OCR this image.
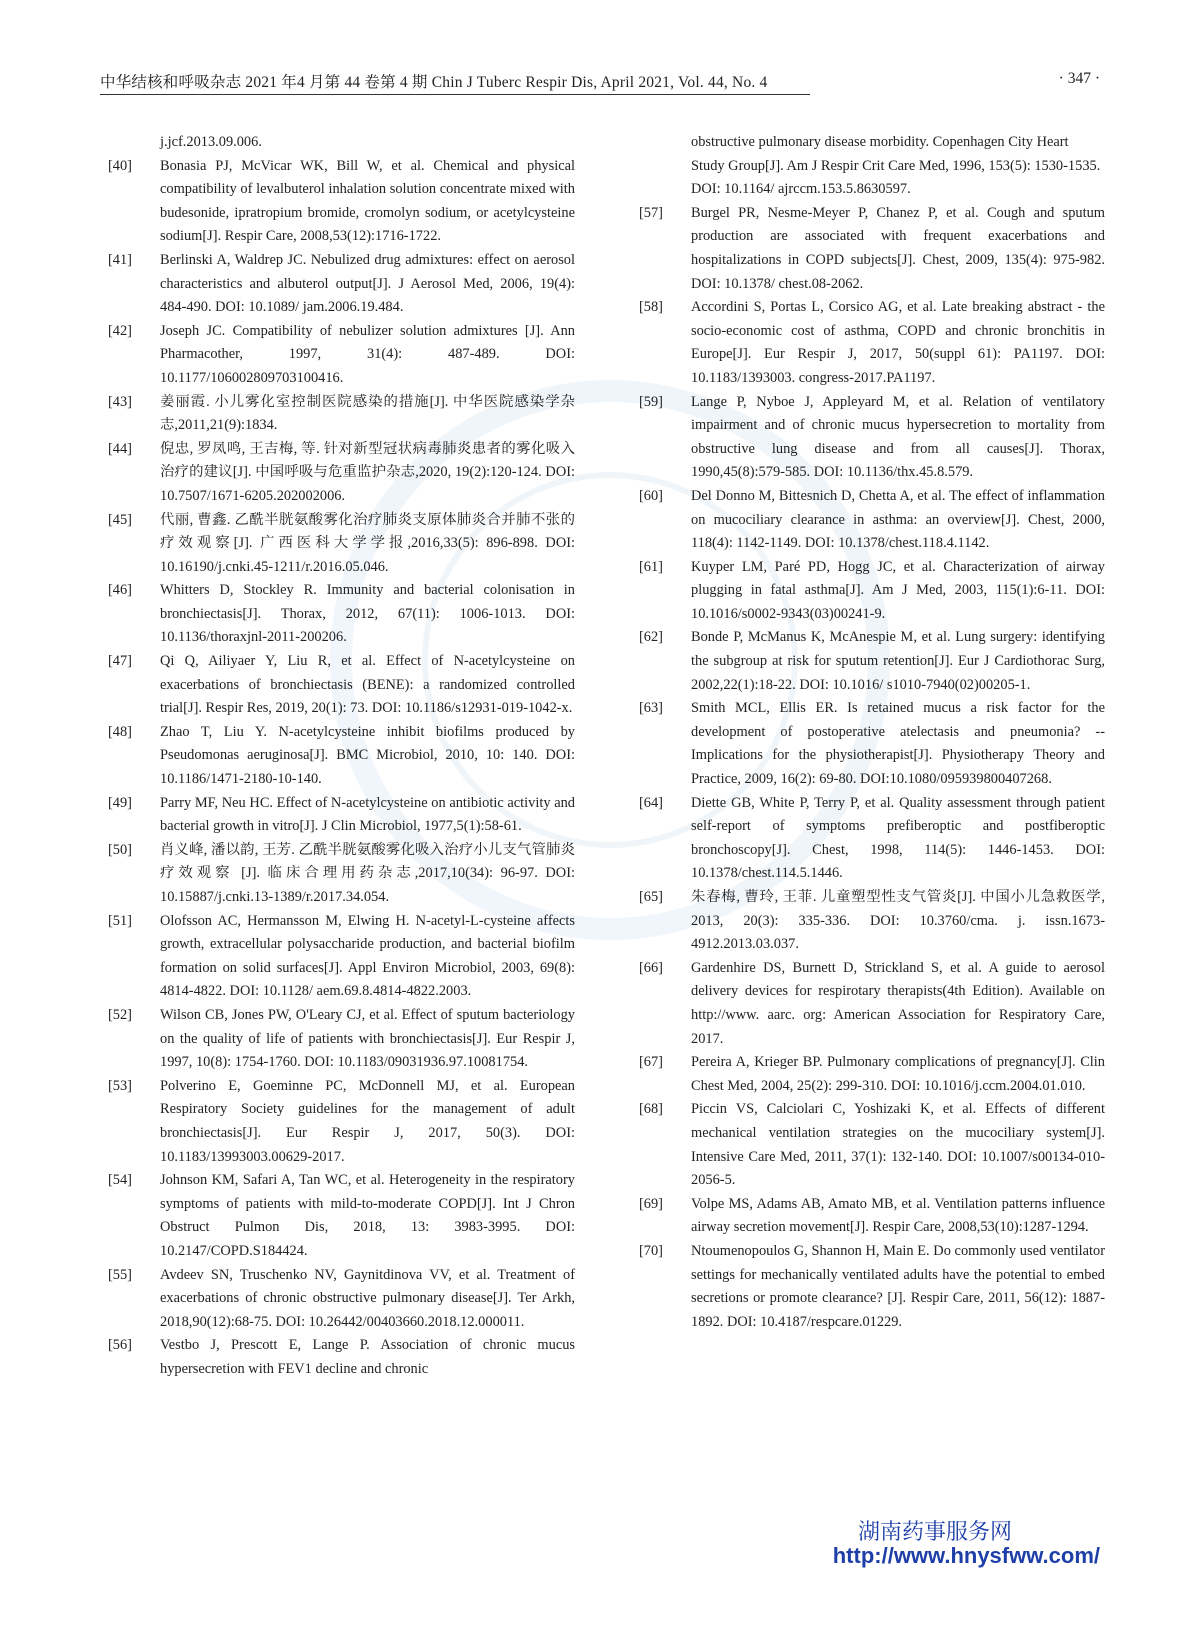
中华结核和呼吸杂志 2021 年4 月第 44 卷第 4 期 Chin J Tuberc Respir Dis, April 2021, Vol. 44, No. 4	· 347 ·
j.jcf.2013.09.006.
[40] Bonasia PJ, McVicar WK, Bill W, et al. Chemical and physical compatibility of levalbuterol inhalation solution concentrate mixed with budesonide, ipratropium bromide, cromolyn sodium, or acetylcysteine sodium[J]. Respir Care, 2008,53(12):1716-1722.
[41] Berlinski A, Waldrep JC. Nebulized drug admixtures: effect on aerosol characteristics and albuterol output[J]. J Aerosol Med, 2006, 19(4): 484-490. DOI: 10.1089/ jam.2006.19.484.
[42] Joseph JC. Compatibility of nebulizer solution admixtures [J]. Ann Pharmacother, 1997, 31(4): 487-489. DOI: 10.1177/106002809703100416.
[43] 姜丽霞. 小儿雾化室控制医院感染的措施[J]. 中华医院感染学杂志,2011,21(9):1834.
[44] 倪忠, 罗凤鸣, 王吉梅, 等. 针对新型冠状病毒肺炎患者的雾化吸入治疗的建议[J]. 中国呼吸与危重监护杂志,2020, 19(2):120-124. DOI: 10.7507/1671-6205.202002006.
[45] 代丽, 曹鑫. 乙酰半胱氨酸雾化治疗肺炎支原体肺炎合并肺不张的疗效观察[J]. 广西医科大学学报,2016,33(5): 896-898. DOI: 10.16190/j.cnki.45-1211/r.2016.05.046.
[46] Whitters D, Stockley R. Immunity and bacterial colonisation in bronchiectasis[J]. Thorax, 2012, 67(11): 1006-1013. DOI: 10.1136/thoraxjnl-2011-200206.
[47] Qi Q, Ailiyaer Y, Liu R, et al. Effect of N-acetylcysteine on exacerbations of bronchiectasis (BENE): a randomized controlled trial[J]. Respir Res, 2019, 20(1): 73. DOI: 10.1186/s12931-019-1042-x.
[48] Zhao T, Liu Y. N-acetylcysteine inhibit biofilms produced by Pseudomonas aeruginosa[J]. BMC Microbiol, 2010, 10: 140. DOI: 10.1186/1471-2180-10-140.
[49] Parry MF, Neu HC. Effect of N-acetylcysteine on antibiotic activity and bacterial growth in vitro[J]. J Clin Microbiol, 1977,5(1):58-61.
[50] 肖义峰, 潘以韵, 王芳. 乙酰半胱氨酸雾化吸入治疗小儿支气管肺炎疗效观察 [J]. 临床合理用药杂志,2017,10(34): 96-97. DOI: 10.15887/j.cnki.13-1389/r.2017.34.054.
[51] Olofsson AC, Hermansson M, Elwing H. N-acetyl-L-cysteine affects growth, extracellular polysaccharide production, and bacterial biofilm formation on solid surfaces[J]. Appl Environ Microbiol, 2003, 69(8): 4814-4822. DOI: 10.1128/ aem.69.8.4814-4822.2003.
[52] Wilson CB, Jones PW, O'Leary CJ, et al. Effect of sputum bacteriology on the quality of life of patients with bronchiectasis[J]. Eur Respir J, 1997, 10(8): 1754-1760. DOI: 10.1183/09031936.97.10081754.
[53] Polverino E, Goeminne PC, McDonnell MJ, et al. European Respiratory Society guidelines for the management of adult bronchiectasis[J]. Eur Respir J, 2017, 50(3). DOI: 10.1183/13993003.00629-2017.
[54] Johnson KM, Safari A, Tan WC, et al. Heterogeneity in the respiratory symptoms of patients with mild-to-moderate COPD[J]. Int J Chron Obstruct Pulmon Dis, 2018, 13: 3983-3995. DOI: 10.2147/COPD.S184424.
[55] Avdeev SN, Truschenko NV, Gaynitdinova VV, et al. Treatment of exacerbations of chronic obstructive pulmonary disease[J]. Ter Arkh, 2018,90(12):68-75. DOI: 10.26442/00403660.2018.12.000011.
[56] Vestbo J, Prescott E, Lange P. Association of chronic mucus hypersecretion with FEV1 decline and chronic
obstructive pulmonary disease morbidity. Copenhagen City Heart Study Group[J]. Am J Respir Crit Care Med, 1996, 153(5): 1530-1535. DOI: 10.1164/ ajrccm.153.5.8630597.
[57] Burgel PR, Nesme-Meyer P, Chanez P, et al. Cough and sputum production are associated with frequent exacerbations and hospitalizations in COPD subjects[J]. Chest, 2009, 135(4): 975-982. DOI: 10.1378/ chest.08-2062.
[58] Accordini S, Portas L, Corsico AG, et al. Late breaking abstract - the socio-economic cost of asthma, COPD and chronic bronchitis in Europe[J]. Eur Respir J, 2017, 50(suppl 61): PA1197. DOI: 10.1183/1393003. congress-2017.PA1197.
[59] Lange P, Nyboe J, Appleyard M, et al. Relation of ventilatory impairment and of chronic mucus hypersecretion to mortality from obstructive lung disease and from all causes[J]. Thorax, 1990,45(8):579-585. DOI: 10.1136/thx.45.8.579.
[60] Del Donno M, Bittesnich D, Chetta A, et al. The effect of inflammation on mucociliary clearance in asthma: an overview[J]. Chest, 2000, 118(4): 1142-1149. DOI: 10.1378/chest.118.4.1142.
[61] Kuyper LM, Paré PD, Hogg JC, et al. Characterization of airway plugging in fatal asthma[J]. Am J Med, 2003, 115(1):6-11. DOI: 10.1016/s0002-9343(03)00241-9.
[62] Bonde P, McManus K, McAnespie M, et al. Lung surgery: identifying the subgroup at risk for sputum retention[J]. Eur J Cardiothorac Surg, 2002,22(1):18-22. DOI: 10.1016/ s1010-7940(02)00205-1.
[63] Smith MCL, Ellis ER. Is retained mucus a risk factor for the development of postoperative atelectasis and pneumonia? -- Implications for the physiotherapist[J]. Physiotherapy Theory and Practice, 2009, 16(2): 69-80. DOI:10.1080/095939800407268.
[64] Diette GB, White P, Terry P, et al. Quality assessment through patient self-report of symptoms prefiberoptic and postfiberoptic bronchoscopy[J]. Chest, 1998, 114(5): 1446-1453. DOI: 10.1378/chest.114.5.1446.
[65] 朱春梅, 曹玲, 王菲. 儿童塑型性支气管炎[J]. 中国小儿急救医学, 2013, 20(3): 335-336. DOI: 10.3760/cma. j. issn.1673-4912.2013.03.037.
[66] Gardenhire DS, Burnett D, Strickland S, et al. A guide to aerosol delivery devices for respirotary therapists(4th Edition). Available on http://www. aarc. org: American Association for Respiratory Care, 2017.
[67] Pereira A, Krieger BP. Pulmonary complications of pregnancy[J]. Clin Chest Med, 2004, 25(2): 299-310. DOI: 10.1016/j.ccm.2004.01.010.
[68] Piccin VS, Calciolari C, Yoshizaki K, et al. Effects of different mechanical ventilation strategies on the mucociliary system[J]. Intensive Care Med, 2011, 37(1): 132-140. DOI: 10.1007/s00134-010-2056-5.
[69] Volpe MS, Adams AB, Amato MB, et al. Ventilation patterns influence airway secretion movement[J]. Respir Care, 2008,53(10):1287-1294.
[70] Ntoumenopoulos G, Shannon H, Main E. Do commonly used ventilator settings for mechanically ventilated adults have the potential to embed secretions or promote clearance? [J]. Respir Care, 2011, 56(12): 1887-1892. DOI: 10.4187/respcare.01229.
湖南药事服务网
http://www.hnysfww.com/
